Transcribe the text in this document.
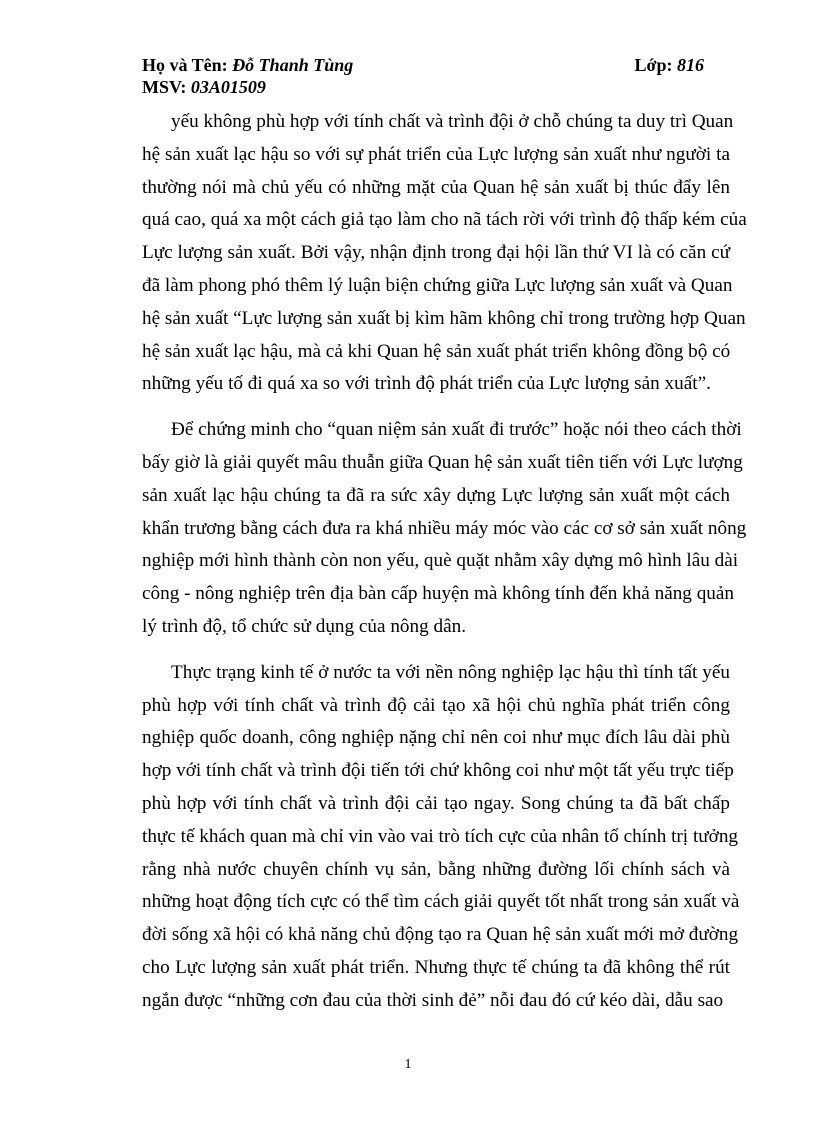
Họ và Tên: Đỗ Thanh Tùng	Lớp: 816
MSV: 03A01509
yếu không phù hợp với tính chất và trình đội ở chỗ chúng ta duy trì Quan
hệ sản xuất lạc hậu so với sự phát triển của Lực lượng sản xuất như người ta
thường nói mà chủ yếu có những mặt của Quan hệ sản xuất bị thúc đẩy lên
quá cao, quá xa một cách giả tạo làm cho nã tách rời với trình độ thấp kém của
Lực lượng sản xuất. Bởi vậy, nhận định trong đại hội lần thứ VI là có căn cứ
đã làm phong phó thêm lý luận biện chứng giữa Lực lượng sản xuất và Quan
hệ sản xuất “Lực lượng sản xuất bị kìm hãm không chỉ trong trường hợp Quan
hệ sản xuất lạc hậu, mà cả khi Quan hệ sản xuất phát triển không đồng bộ có
những yếu tố đi quá xa so với trình độ phát triển của Lực lượng sản xuất”.
Để chứng minh cho “quan niệm sản xuất đi trước” hoặc nói theo cách thời
bấy giờ là giải quyết mâu thuẫn giữa Quan hệ sản xuất tiên tiến với Lực lượng
sản xuất lạc hậu chúng ta đã ra sức xây dựng Lực lượng sản xuất một cách
khẩn trương bằng cách đưa ra khá nhiều máy móc vào các cơ sở sản xuất nông
nghiệp mới hình thành còn non yếu, què quặt nhằm xây dựng mô hình lâu dài
công - nông nghiệp trên địa bàn cấp huyện mà không tính đến khả năng quản
lý trình độ, tổ chức sử dụng của nông dân.
Thực trạng kinh tế ở nước ta với nền nông nghiệp lạc hậu thì tính tất yếu
phù hợp với tính chất và trình độ cải tạo xã hội chủ nghĩa phát triển công
nghiệp quốc doanh, công nghiệp nặng chỉ nên coi như mục đích lâu dài phù
hợp với tính chất và trình đội tiến tới chứ không coi như một tất yếu trực tiếp
phù hợp với tính chất và trình đội cải tạo ngay. Song chúng ta đã bất chấp
thực tế khách quan mà chỉ vin vào vai trò tích cực của nhân tố chính trị tưởng
rằng nhà nước chuyên chính vụ sản, bằng những đường lối chính sách và
những hoạt động tích cực có thể tìm cách giải quyết tốt nhất trong sản xuất và
đời sống xã hội có khả năng chủ động tạo ra Quan hệ sản xuất mới mở đường
cho Lực lượng sản xuất phát triển. Nhưng thực tế chúng ta đã không thể rút
ngắn được “những cơn đau của thời sinh đẻ” nỗi đau đó cứ kéo dài, dẫu sao
1
